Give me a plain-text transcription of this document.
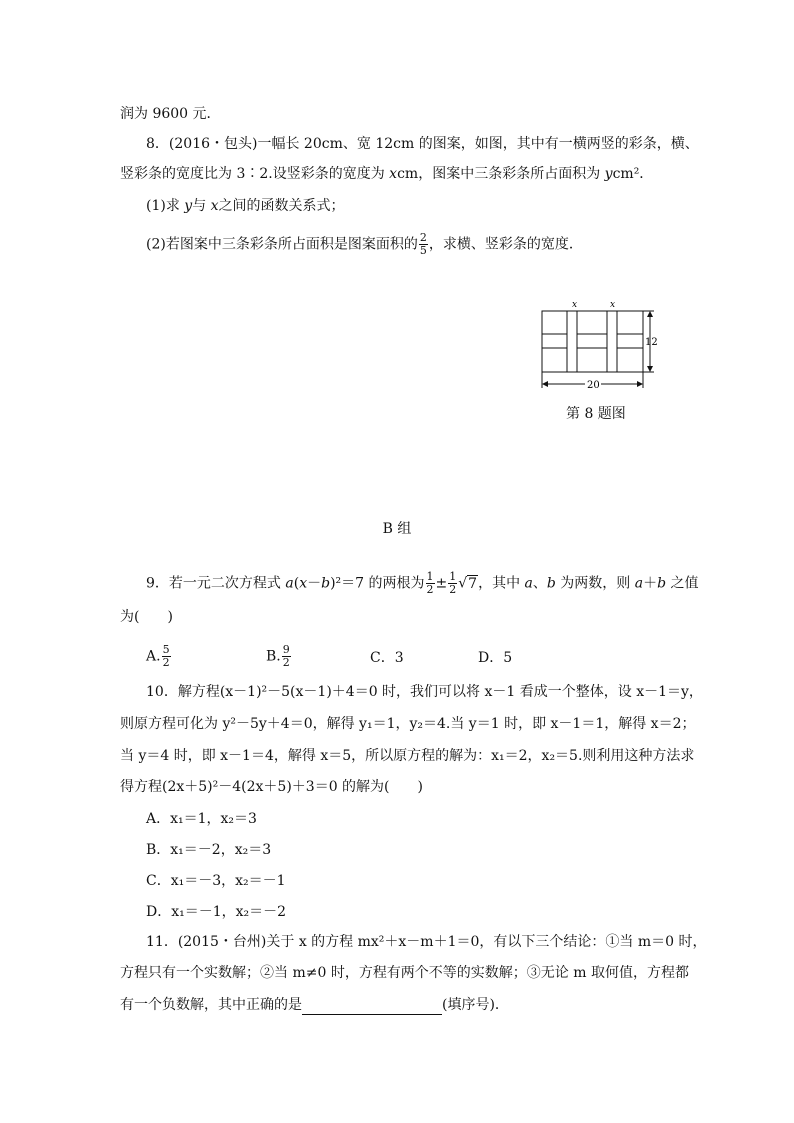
润为 9600 元．
8．(2016・包头)一幅长 20cm、宽 12cm 的图案，如图，其中有一横两竖的彩条，横、
竖彩条的宽度比为 3∶2.设竖彩条的宽度为 xcm，图案中三条彩条所占面积为 ycm²．
(1)求 y与 x之间的函数关系式；
(2)若图案中三条彩条所占面积是图案面积的 $\frac{2}{5}$ ，求横、竖彩条的宽度．
x	x
12
20
第 8 题图
B 组
9．若一元二次方程式 a(x－b)²＝7 的两根为 $\frac{1}{2} \pm \frac{1}{2} √7$，其中 a、b 为两数，则 a＋b 之值
为(　　)
A. $\frac{5}{2}$	B. $\frac{9}{2}$	C．3	D．5
10．解方程(x－1)²－5(x－1)＋4＝0 时，我们可以将 x－1 看成一个整体，设 x－1＝y，
则原方程可化为 y²－5y＋4＝0，解得 y₁＝1，y₂＝4.当 y＝1 时，即 x－1＝1，解得 x＝2；
当 y＝4 时，即 x－1＝4，解得 x＝5，所以原方程的解为：x₁＝2，x₂＝5.则利用这种方法求
得方程(2x＋5)²－4(2x＋5)＋3＝0 的解为(　　)
A．x₁＝1，x₂＝3
B．x₁＝－2，x₂＝3
C．x₁＝－3，x₂＝－1
D．x₁＝－1，x₂＝－2
11．(2015・台州)关于 x 的方程 mx²＋x－m＋1＝0，有以下三个结论：①当 m＝0 时，
方程只有一个实数解；②当 m≠0 时，方程有两个不等的实数解；③无论 m 取何值，方程都
有一个负数解，其中正确的是	(填序号)．
